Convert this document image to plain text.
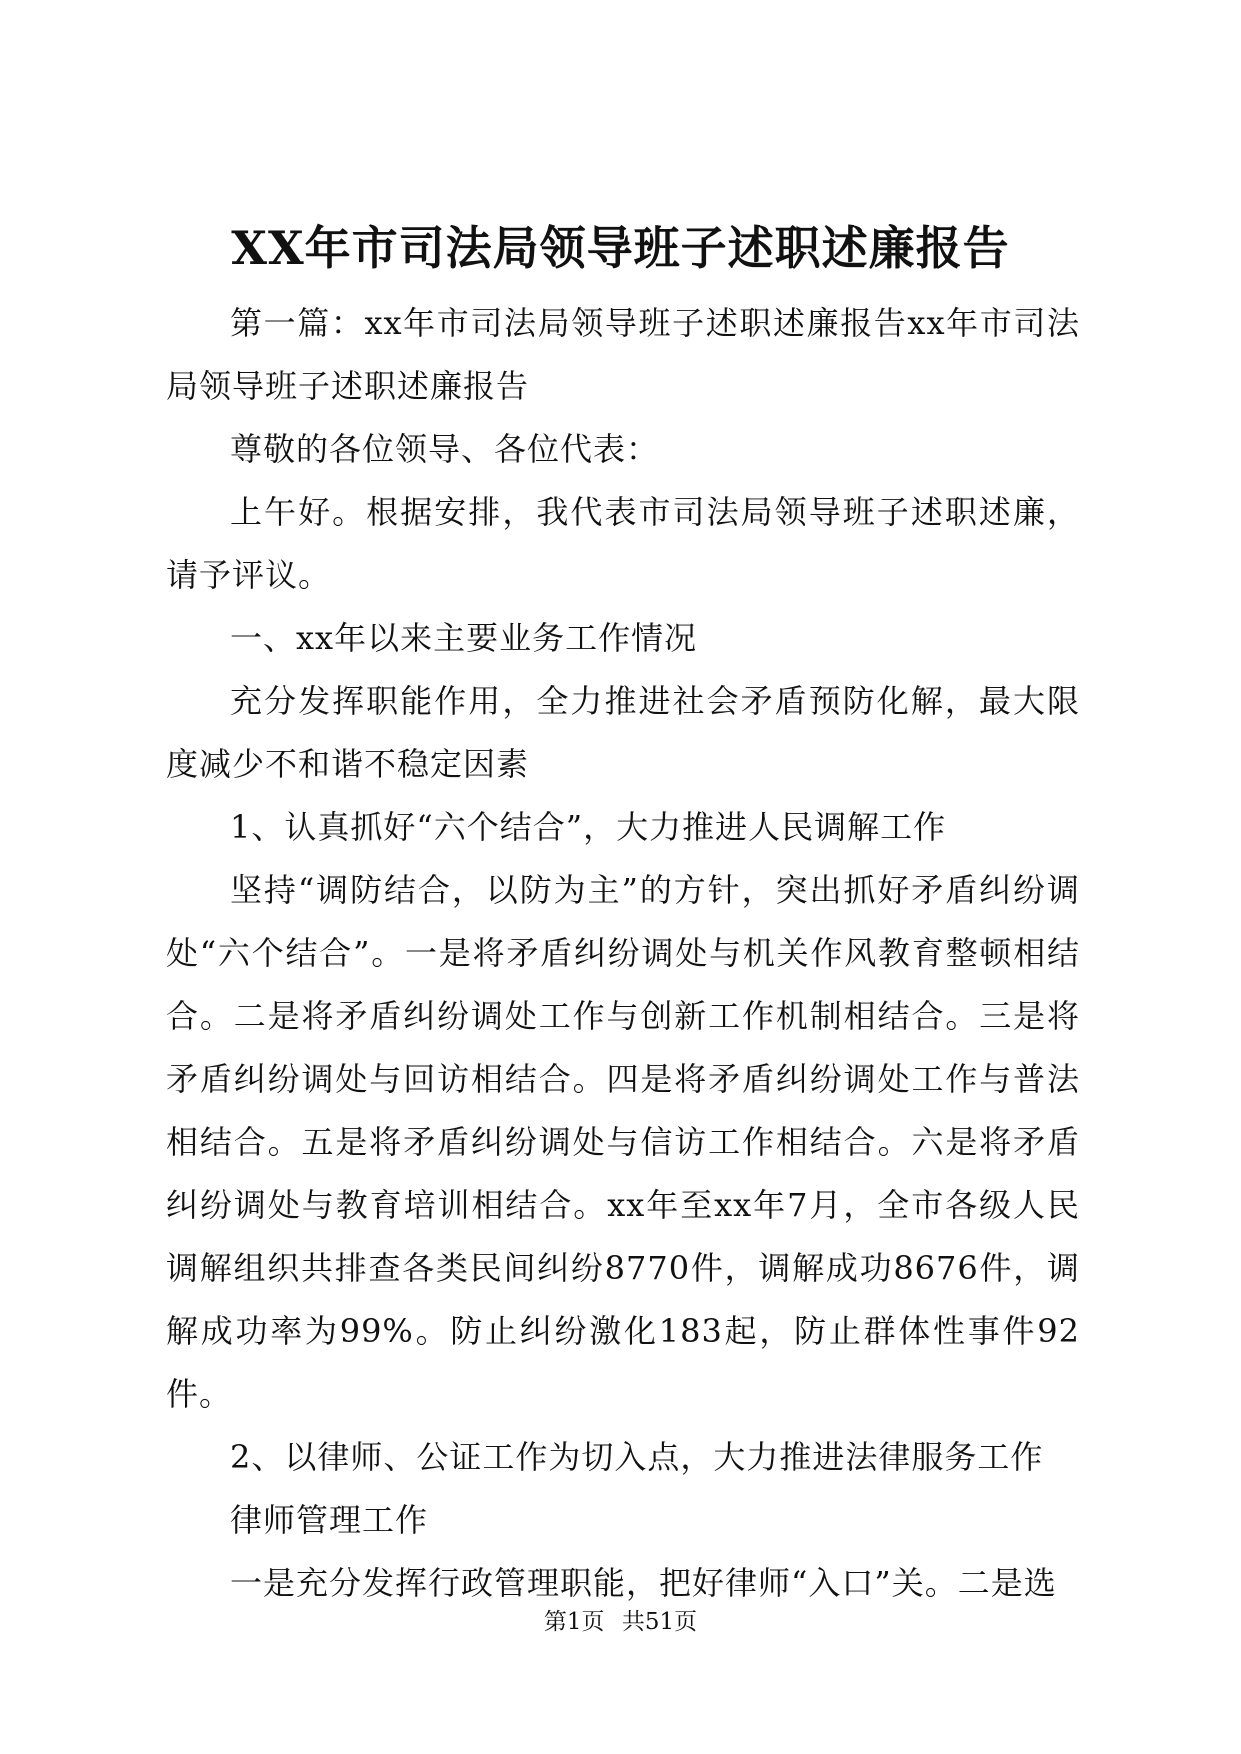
XX年市司法局领导班子述职述廉报告

第一篇：xx年市司法局领导班子述职述廉报告xx年市司法局领导班子述职述廉报告

尊敬的各位领导、各位代表：

上午好。根据安排，我代表市司法局领导班子述职述廉，请予评议。

一、xx年以来主要业务工作情况

充分发挥职能作用，全力推进社会矛盾预防化解，最大限度减少不和谐不稳定因素

1、认真抓好“六个结合”，大力推进人民调解工作

坚持“调防结合，以防为主”的方针，突出抓好矛盾纠纷调处“六个结合”。一是将矛盾纠纷调处与机关作风教育整顿相结合。二是将矛盾纠纷调处工作与创新工作机制相结合。三是将矛盾纠纷调处与回访相结合。四是将矛盾纠纷调处工作与普法相结合。五是将矛盾纠纷调处与信访工作相结合。六是将矛盾纠纷调处与教育培训相结合。xx年至xx年7月，全市各级人民调解组织共排查各类民间纠纷8770件，调解成功8676件，调解成功率为99%。防止纠纷激化183起，防止群体性事件92件。

2、以律师、公证工作为切入点，大力推进法律服务工作

律师管理工作

一是充分发挥行政管理职能，把好律师“入口”关。二是选

第1页 共51页
